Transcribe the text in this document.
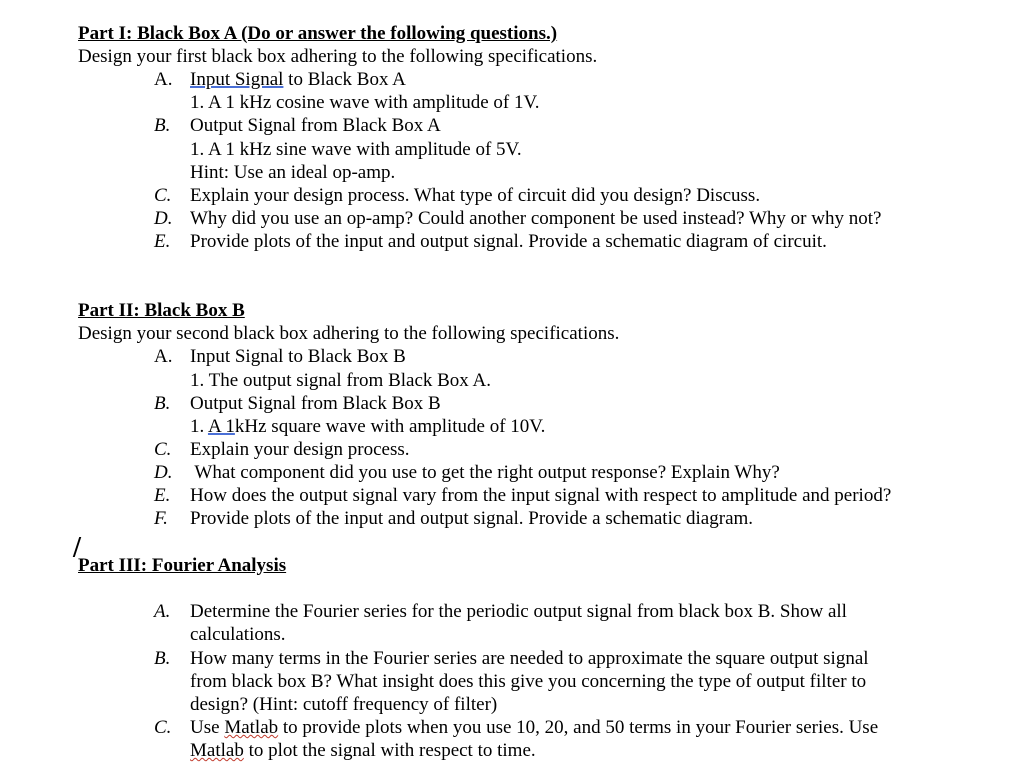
Part I: Black Box A (Do or answer the following questions.)
Design your first black box adhering to the following specifications.
A. Input Signal to Black Box A
1. A 1 kHz cosine wave with amplitude of 1V.
B. Output Signal from Black Box A
1. A 1 kHz sine wave with amplitude of 5V.
Hint: Use an ideal op-amp.
C. Explain your design process. What type of circuit did you design? Discuss.
D. Why did you use an op-amp? Could another component be used instead? Why or why not?
E. Provide plots of the input and output signal. Provide a schematic diagram of circuit.
Part II: Black Box B
Design your second black box adhering to the following specifications.
A. Input Signal to Black Box B
1. The output signal from Black Box A.
B. Output Signal from Black Box B
1. A 1kHz square wave with amplitude of 10V.
C. Explain your design process.
D. What component did you use to get the right output response? Explain Why?
E. How does the output signal vary from the input signal with respect to amplitude and period?
F. Provide plots of the input and output signal. Provide a schematic diagram.
Part III: Fourier Analysis
A. Determine the Fourier series for the periodic output signal from black box B. Show all
calculations.
B. How many terms in the Fourier series are needed to approximate the square output signal
from black box B? What insight does this give you concerning the type of output filter to
design? (Hint: cutoff frequency of filter)
C. Use Matlab to provide plots when you use 10, 20, and 50 terms in your Fourier series. Use
Matlab to plot the signal with respect to time.
